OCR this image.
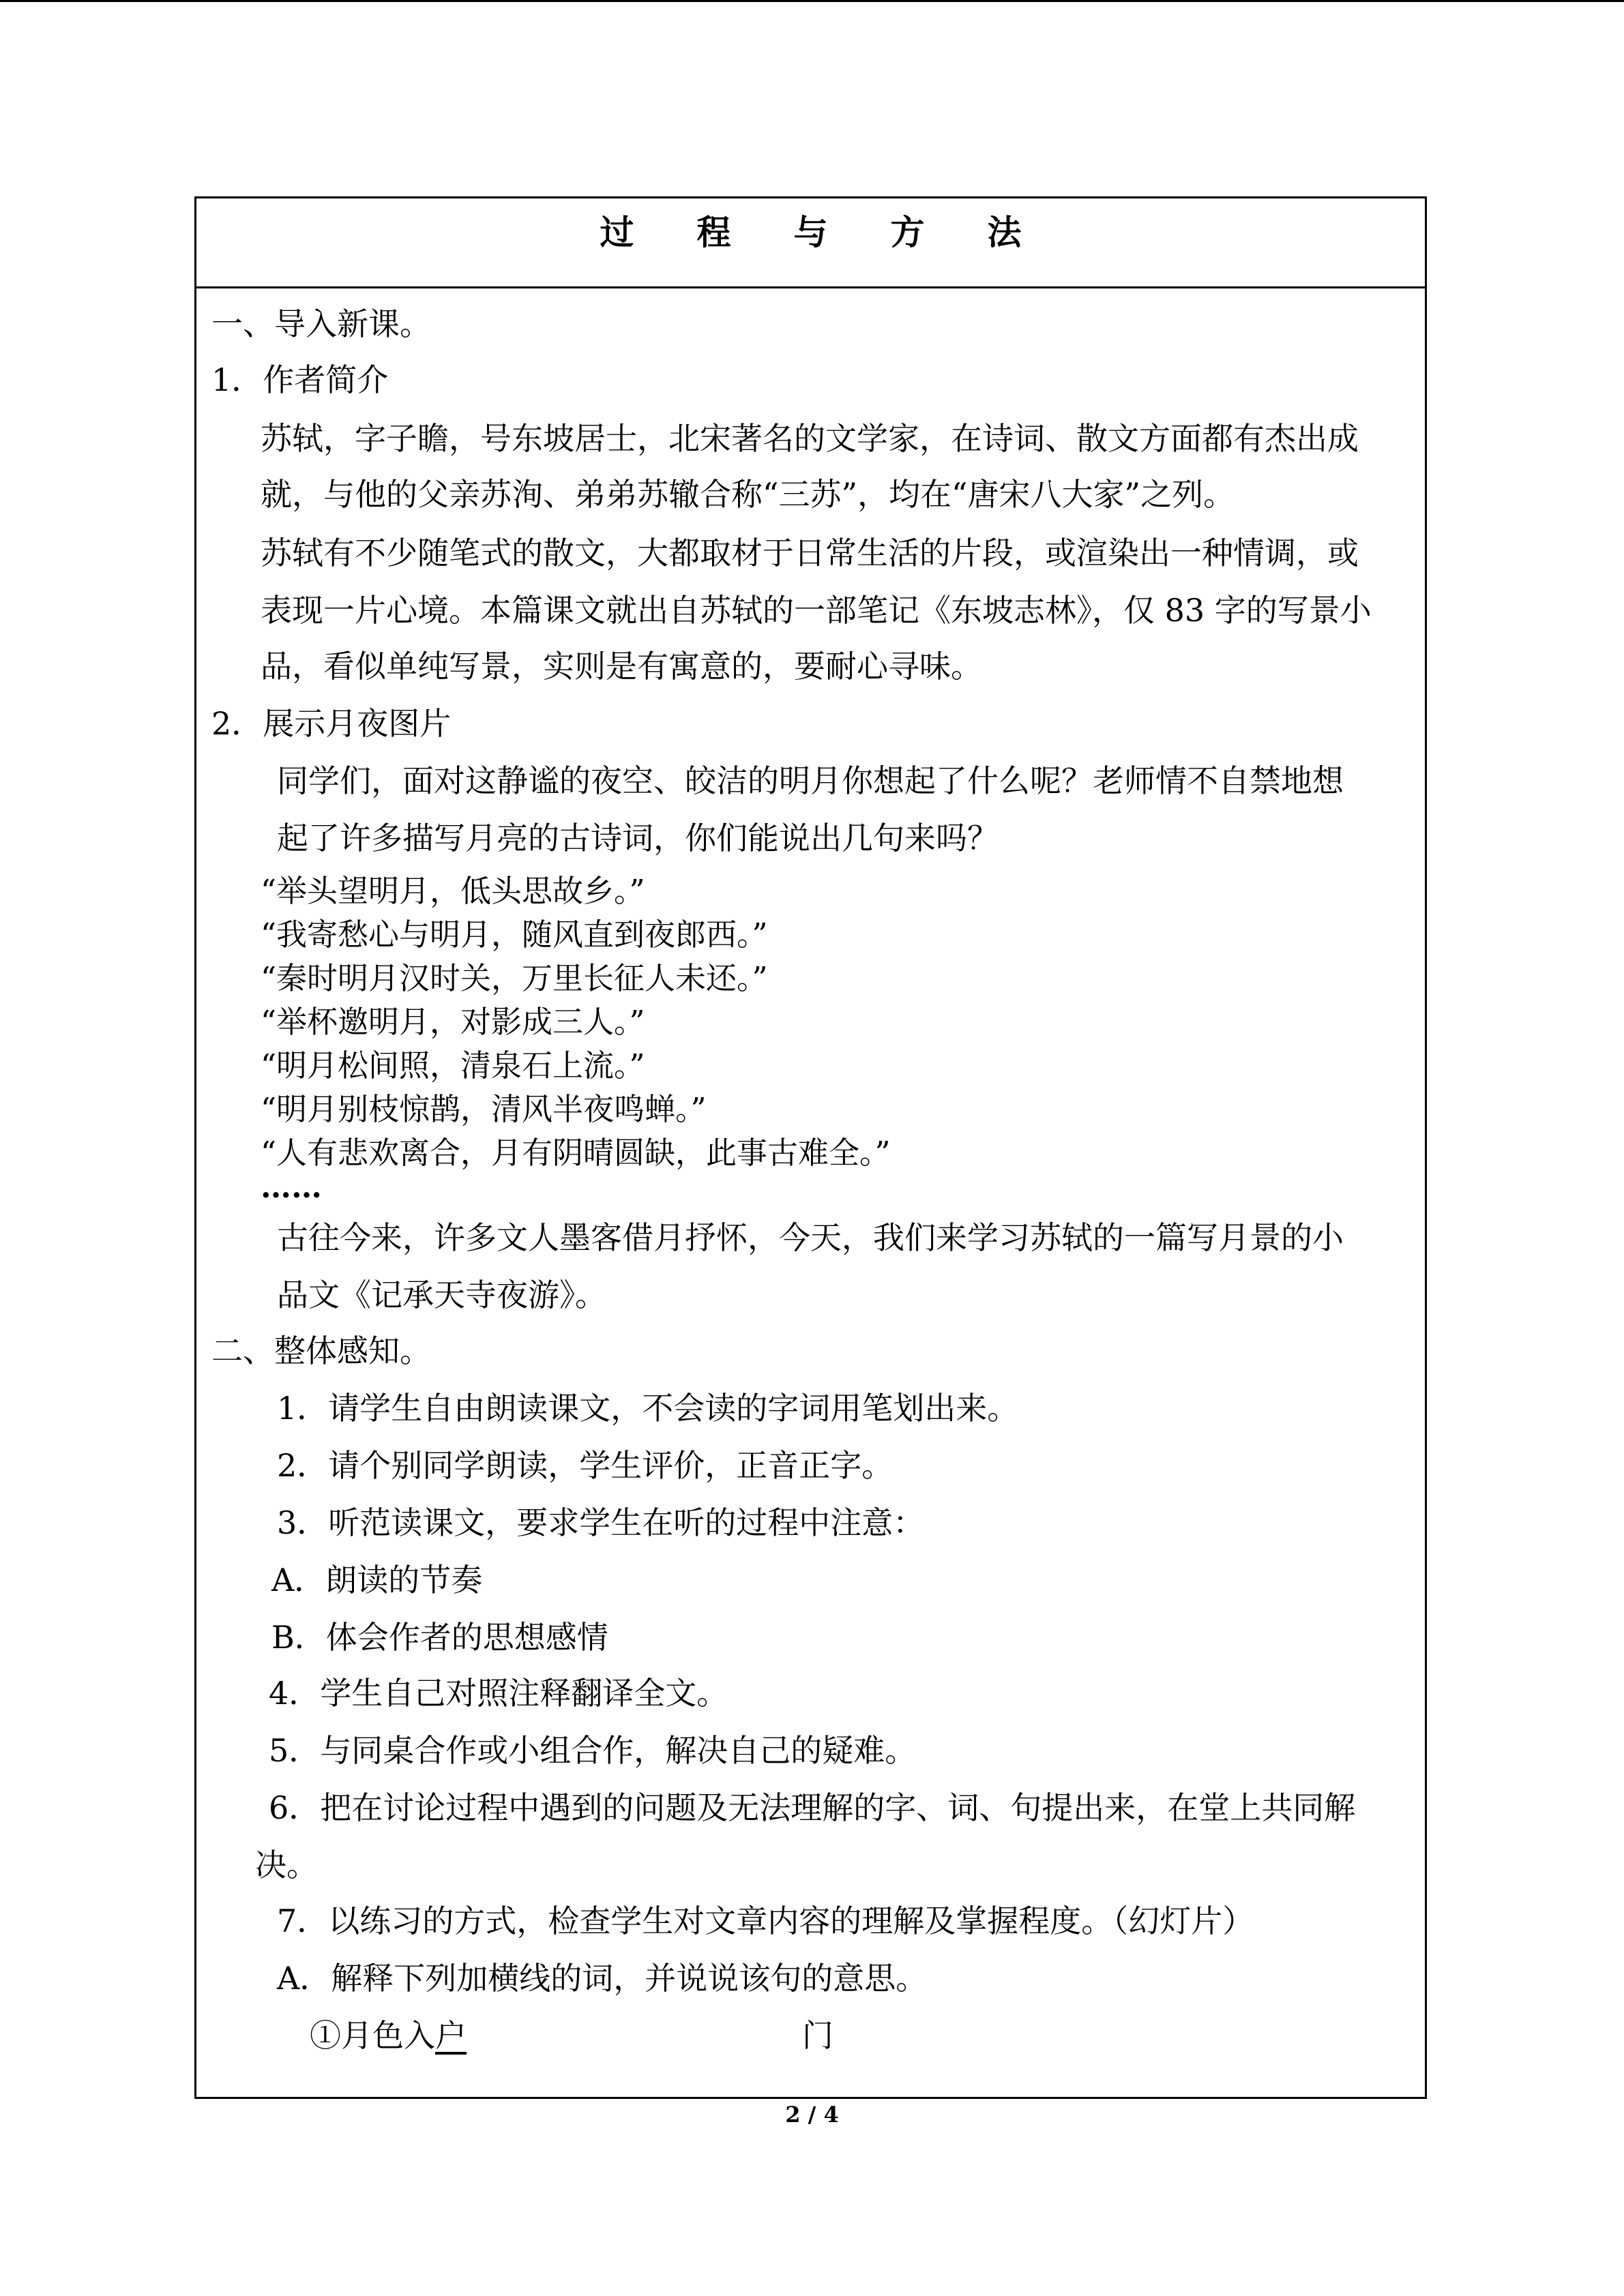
过程与方法
一、导入新课。
1．作者简介
苏轼，字子瞻，号东坡居士，北宋著名的文学家，在诗词、散文方面都有杰出成
就，与他的父亲苏洵、弟弟苏辙合称“三苏”，均在“唐宋八大家”之列。
苏轼有不少随笔式的散文，大都取材于日常生活的片段，或渲染出一种情调，或
表现一片心境。本篇课文就出自苏轼的一部笔记《东坡志林》，仅 83 字的写景小
品，看似单纯写景，实则是有寓意的，要耐心寻味。
2．展示月夜图片
同学们，面对这静谧的夜空、皎洁的明月你想起了什么呢？老师情不自禁地想
起了许多描写月亮的古诗词，你们能说出几句来吗？
“举头望明月，低头思故乡。”
“我寄愁心与明月，随风直到夜郎西。”
“秦时明月汉时关，万里长征人未还。”
“举杯邀明月，对影成三人。”
“明月松间照，清泉石上流。”
“明月别枝惊鹊，清风半夜鸣蝉。”
“人有悲欢离合，月有阴晴圆缺，此事古难全。”
……
古往今来，许多文人墨客借月抒怀，今天，我们来学习苏轼的一篇写月景的小
品文《记承天寺夜游》。
二、整体感知。
1．请学生自由朗读课文，不会读的字词用笔划出来。
2．请个别同学朗读，学生评价，正音正字。
3．听范读课文，要求学生在听的过程中注意：
A．朗读的节奏
B．体会作者的思想感情
4．学生自己对照注释翻译全文。
5．与同桌合作或小组合作，解决自己的疑难。
6．把在讨论过程中遇到的问题及无法理解的字、词、句提出来，在堂上共同解
决。
7．以练习的方式，检查学生对文章内容的理解及掌握程度。（幻灯片）
A．解释下列加横线的词，并说说该句的意思。
①月色入户	门
2 / 4
